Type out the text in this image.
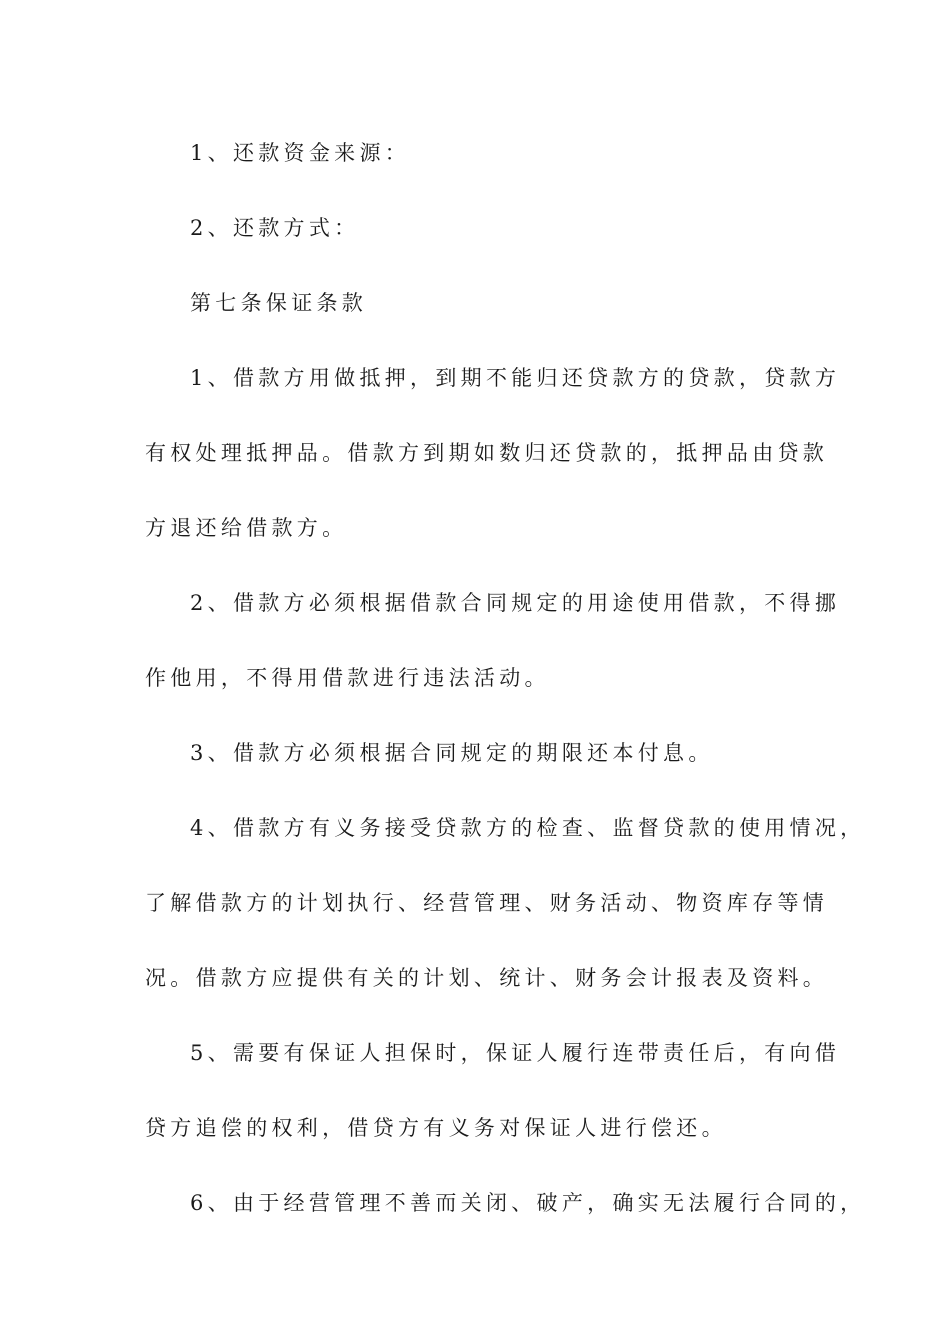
1、还款资金来源：
2、还款方式：
第七条保证条款
1、借款方用做抵押，到期不能归还贷款方的贷款，贷款方
有权处理抵押品。借款方到期如数归还贷款的，抵押品由贷款
方退还给借款方。
2、借款方必须根据借款合同规定的用途使用借款，不得挪
作他用，不得用借款进行违法活动。
3、借款方必须根据合同规定的期限还本付息。
4、借款方有义务接受贷款方的检查、监督贷款的使用情况，
了解借款方的计划执行、经营管理、财务活动、物资库存等情
况。借款方应提供有关的计划、统计、财务会计报表及资料。
5、需要有保证人担保时，保证人履行连带责任后，有向借
贷方追偿的权利，借贷方有义务对保证人进行偿还。
6、由于经营管理不善而关闭、破产，确实无法履行合同的，
